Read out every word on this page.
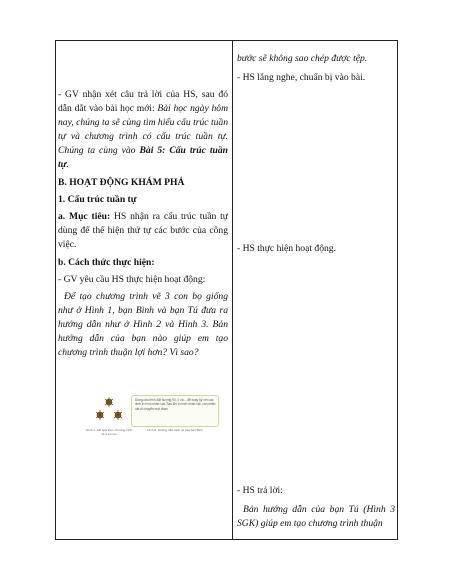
bước sẽ không sao chép được tệp.
- HS lắng nghe, chuẩn bị vào bài.
- HS thực hiện hoạt động.
- HS trả lời:
Bản hướng dẫn của bạn Tú (Hình 3 SGK) giúp em tạo chương trình thuận

- GV nhận xét câu trả lời của HS, sau đó dẫn dắt vào bài học mới: Bài học ngày hôm nay, chúng ta sẽ cùng tìm hiểu cấu trúc tuần tự và chương trình có cấu trúc tuần tự. Chúng ta cùng vào Bài 5: Cấu trúc tuần tự.

B. HOẠT ĐỘNG KHÁM PHÁ

1. Cấu trúc tuần tự

a. Mục tiêu: HS nhận ra cấu trúc tuần tự dùng để thể hiện thứ tự các bước của công việc.

b. Cách thức thực hiện:

- GV yêu cầu HS thực hiện hoạt động:

Để tạo chương trình vẽ 3 con bọ giống như ở Hình 1, bạn Bình và bạn Tú đưa ra hướng dẫn như ở Hình 2 và Hình 3. Bản hướng dẫn của bạn nào giúp em tạo chương trình thuận lợi hơn? Vì sao?

Hình 1. Kết quả thực chương trình vẽ 3 con bọ
Dùng câu lệnh đặt hướng 90, 0 và ...để xoay kỹ với các lệnh in hình nhân vật. Sau khi in hình nhân vật, cần nhắn vật di chuyển một đoạn
Hình 2. Hướng dẫn cách vẽ của bạn Bình
